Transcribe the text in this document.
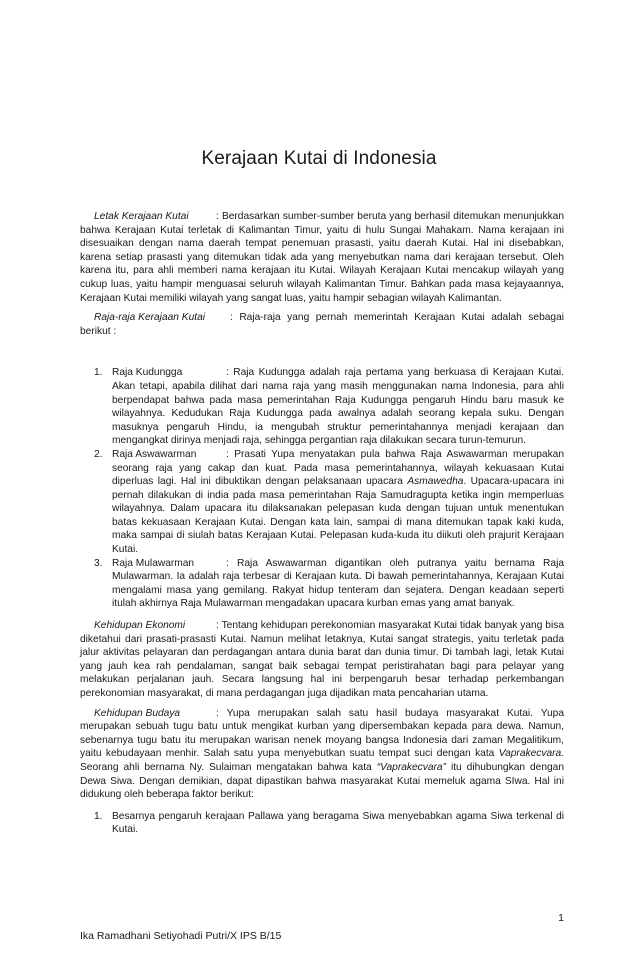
Kerajaan Kutai di Indonesia

Letak Kerajaan Kutai	: Berdasarkan sumber-sumber beruta yang berhasil ditemukan menunjukkan bahwa Kerajaan Kutai terletak di Kalimantan Timur, yaitu di hulu Sungai Mahakam. Nama kerajaan ini disesuaikan dengan nama daerah tempat penemuan prasasti, yaitu daerah Kutai. Hal ini disebabkan, karena setiap prasasti yang ditemukan tidak ada yang menyebutkan nama dari kerajaan tersebut. Oleh karena itu, para ahli memberi nama kerajaan itu Kutai. Wilayah Kerajaan Kutai mencakup wilayah yang cukup luas, yaitu hampir menguasai seluruh wilayah Kalimantan Timur. Bahkan pada masa kejayaannya, Kerajaan Kutai memiliki wilayah yang sangat luas, yaitu hampir sebagian wilayah Kalimantan.

Raja-raja Kerajaan Kutai : Raja-raja yang pernah memerintah Kerajaan Kutai adalah sebagai berikut :

1. Raja Kudungga	: Raja Kudungga adalah raja pertama yang berkuasa di Kerajaan Kutai. Akan tetapi, apabila dilihat dari nama raja yang masih menggunakan nama Indonesia, para ahli berpendapat bahwa pada masa pemerintahan Raja Kudungga pengaruh Hindu baru masuk ke wilayahnya. Kedudukan Raja Kudungga pada awalnya adalah seorang kepala suku. Dengan masuknya pengaruh Hindu, ia mengubah struktur pemerintahannya menjadi kerajaan dan mengangkat dirinya menjadi raja, sehingga pergantian raja dilakukan secara turun-temurun.
2. Raja Aswawarman	: Prasati Yupa menyatakan pula bahwa Raja Aswawarman merupakan seorang raja yang cakap dan kuat. Pada masa pemerintahannya, wilayah kekuasaan Kutai diperluas lagi. Hal ini dibuktikan dengan pelaksanaan upacara Asmawedha. Upacara-upacara ini pernah dilakukan di india pada masa pemerintahan Raja Samudragupta ketika ingin memperluas wilayahnya. Dalam upacara itu dilaksanakan pelepasan kuda dengan tujuan untuk menentukan batas kekuasaan Kerajaan Kutai. Dengan kata lain, sampai di mana ditemukan tapak kaki kuda, maka sampai di siulah batas Kerajaan Kutai. Pelepasan kuda-kuda itu diikuti oleh prajurit Kerajaan Kutai.
3. Raja Mulawarman	: Raja Aswawarman digantikan oleh putranya yaitu bernama Raja Mulawarman. Ia adalah raja terbesar di Kerajaan kuta. Di bawah pemerintahannya, Kerajaan Kutai mengalami masa yang gemilang. Rakyat hidup tenteram dan sejatera. Dengan keadaan seperti itulah akhirnya Raja Mulawarman mengadakan upacara kurban emas yang amat banyak.

Kehidupan Ekonomi	: Tentang kehidupan perekonomian masyarakat Kutai tidak banyak yang bisa diketahui dari prasati-prasasti Kutai. Namun melihat letaknya, Kutai sangat strategis, yaitu terletak pada jalur aktivitas pelayaran dan perdagangan antara dunia barat dan dunia timur. Di tambah lagi, letak Kutai yang jauh kea rah pendalaman, sangat baik sebagai tempat peristirahatan bagi para pelayar yang melakukan perjalanan jauh. Secara langsung hal ini berpengaruh besar terhadap perkembangan perekonomian masyarakat, di mana perdagangan juga dijadikan mata pencaharian utama.

Kehidupan Budaya	: Yupa merupakan salah satu hasil budaya masyarakat Kutai. Yupa merupakan sebuah tugu batu untuk mengikat kurban yang dipersembakan kepada para dewa. Namun, sebenarnya tugu batu itu merupakan warisan nenek moyang bangsa Indonesia dari zaman Megalitikum, yaitu kebudayaan menhir. Salah satu yupa menyebutkan suatu tempat suci dengan kata Vaprakecvara. Seorang ahli bernama Ny. Sulaiman mengatakan bahwa kata “Vaprakecvara” itu dihubungkan dengan Dewa Siwa. Dengan demikian, dapat dipastikan bahwa masyarakat Kutai memeluk agama SIwa. Hal ini didukung oleh beberapa faktor berikut:

1. Besarnya pengaruh kerajaan Pallawa yang beragama Siwa menyebabkan agama Siwa terkenal di Kutai.
1
Ika Ramadhani Setiyohadi Putri/X IPS B/15
